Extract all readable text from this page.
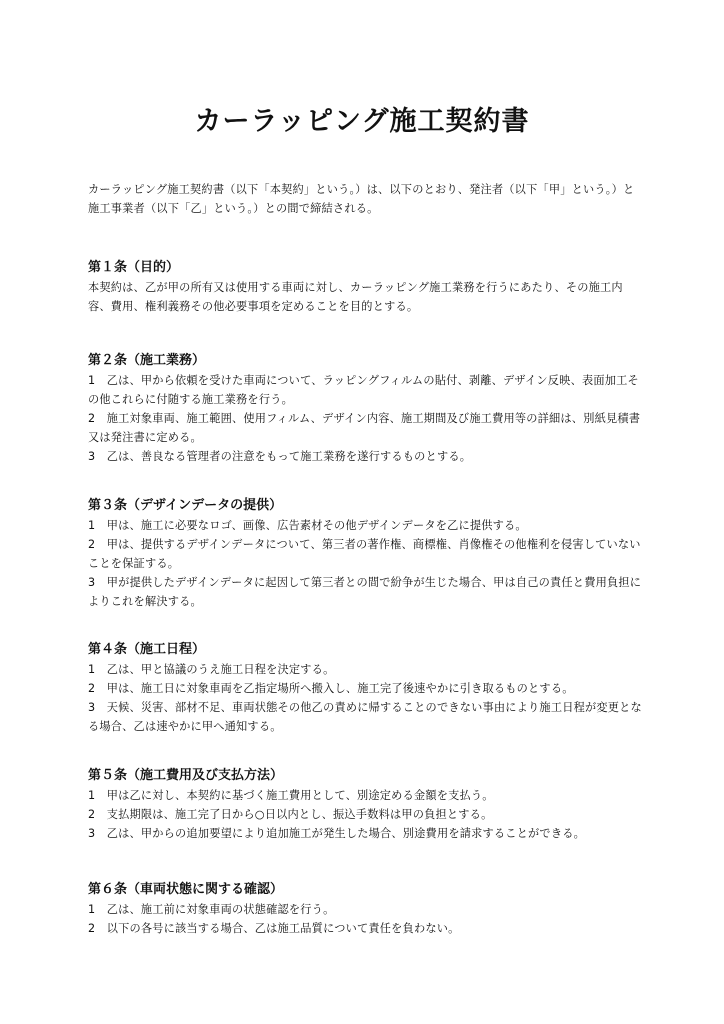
カーラッピング施工契約書
カーラッピング施工契約書（以下「本契約」という。）は、以下のとおり、発注者（以下「甲」という。）と施工事業者（以下「乙」という。）との間で締結される。
第１条（目的）

本契約は、乙が甲の所有又は使用する車両に対し、カーラッピング施工業務を行うにあたり、その施工内容、費用、権利義務その他必要事項を定めることを目的とする。

第２条（施工業務）

1　乙は、甲から依頼を受けた車両について、ラッピングフィルムの貼付、剥離、デザイン反映、表面加工その他これらに付随する施工業務を行う。

2　施工対象車両、施工範囲、使用フィルム、デザイン内容、施工期間及び施工費用等の詳細は、別紙見積書又は発注書に定める。

3　乙は、善良なる管理者の注意をもって施工業務を遂行するものとする。

第３条（デザインデータの提供）

1　甲は、施工に必要なロゴ、画像、広告素材その他デザインデータを乙に提供する。

2　甲は、提供するデザインデータについて、第三者の著作権、商標権、肖像権その他権利を侵害していないことを保証する。

3　甲が提供したデザインデータに起因して第三者との間で紛争が生じた場合、甲は自己の責任と費用負担によりこれを解決する。

第４条（施工日程）

1　乙は、甲と協議のうえ施工日程を決定する。

2　甲は、施工日に対象車両を乙指定場所へ搬入し、施工完了後速やかに引き取るものとする。

3　天候、災害、部材不足、車両状態その他乙の責めに帰することのできない事由により施工日程が変更となる場合、乙は速やかに甲へ通知する。

第５条（施工費用及び支払方法）

1　甲は乙に対し、本契約に基づく施工費用として、別途定める金額を支払う。

2　支払期限は、施工完了日から○日以内とし、振込手数料は甲の負担とする。

3　乙は、甲からの追加要望により追加施工が発生した場合、別途費用を請求することができる。

第６条（車両状態に関する確認）

1　乙は、施工前に対象車両の状態確認を行う。

2　以下の各号に該当する場合、乙は施工品質について責任を負わない。
